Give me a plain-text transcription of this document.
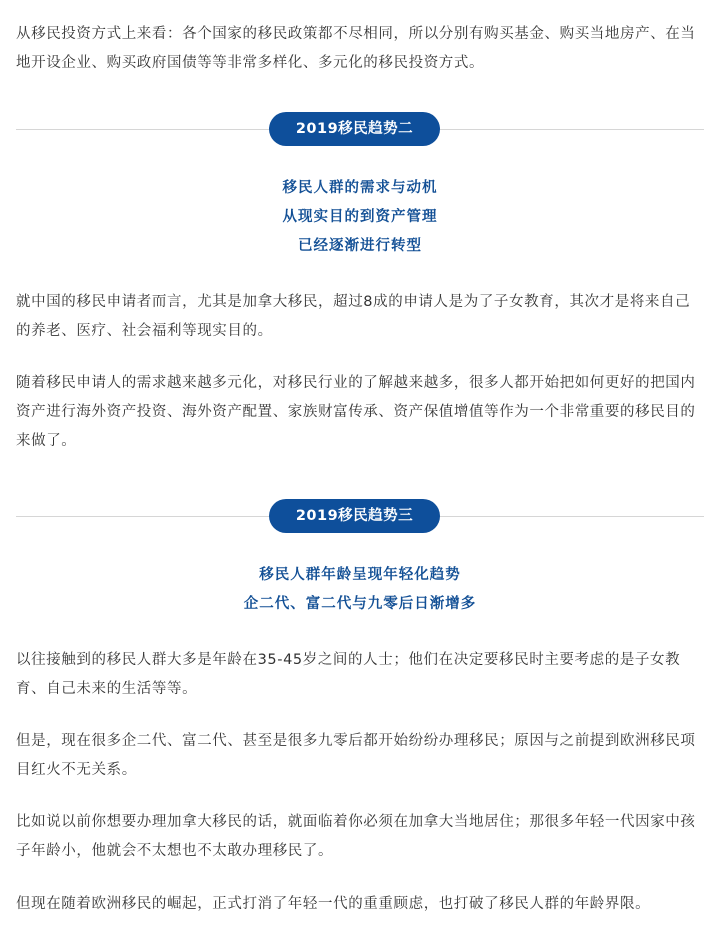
从移民投资方式上来看：各个国家的移民政策都不尽相同，所以分别有购买基金、购买当地房产、在当地开设企业、购买政府国债等等非常多样化、多元化的移民投资方式。

2019移民趋势二

移民人群的需求与动机

从现实目的到资产管理

已经逐渐进行转型

就中国的移民申请者而言，尤其是加拿大移民，超过8成的申请人是为了子女教育，其次才是将来自己的养老、医疗、社会福利等现实目的。

随着移民申请人的需求越来越多元化，对移民行业的了解越来越多，很多人都开始把如何更好的把国内资产进行海外资产投资、海外资产配置、家族财富传承、资产保值增值等作为一个非常重要的移民目的来做了。

2019移民趋势三

移民人群年龄呈现年轻化趋势

企二代、富二代与九零后日渐增多

以往接触到的移民人群大多是年龄在35-45岁之间的人士；他们在决定要移民时主要考虑的是子女教育、自己未来的生活等等。

但是，现在很多企二代、富二代、甚至是很多九零后都开始纷纷办理移民；原因与之前提到欧洲移民项目红火不无关系。

比如说以前你想要办理加拿大移民的话，就面临着你必须在加拿大当地居住；那很多年轻一代因家中孩子年龄小，他就会不太想也不太敢办理移民了。

但现在随着欧洲移民的崛起，正式打消了年轻一代的重重顾虑，也打破了移民人群的年龄界限。
